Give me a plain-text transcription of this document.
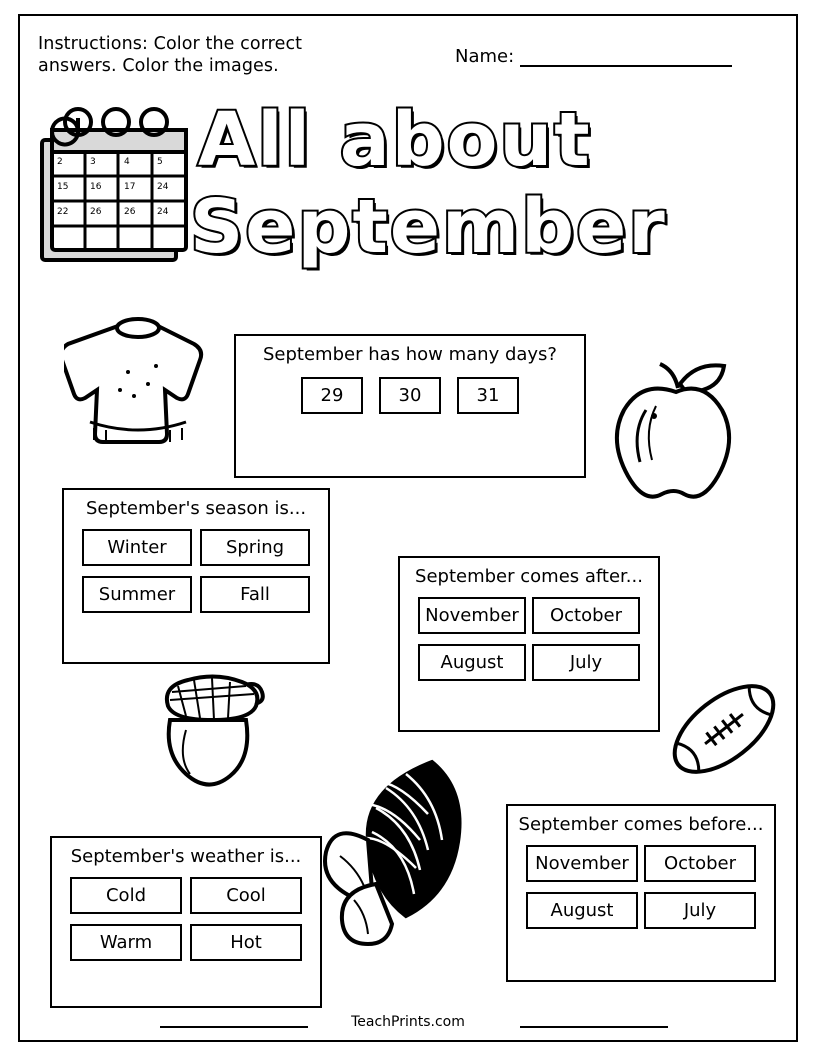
Instructions: Color the correct answers. Color the images.	Name:
2	3	4	5
15 16	17 24
22 26	26 24
All about
September
September has how many days?
29	30	31
September's season is...
Winter	Spring
Summer	Fall
September comes after...
November	October
August	July
September comes before...
November	October
August	July
September's weather is...
Cold	Cool
Warm	Hot
TeachPrints.com
